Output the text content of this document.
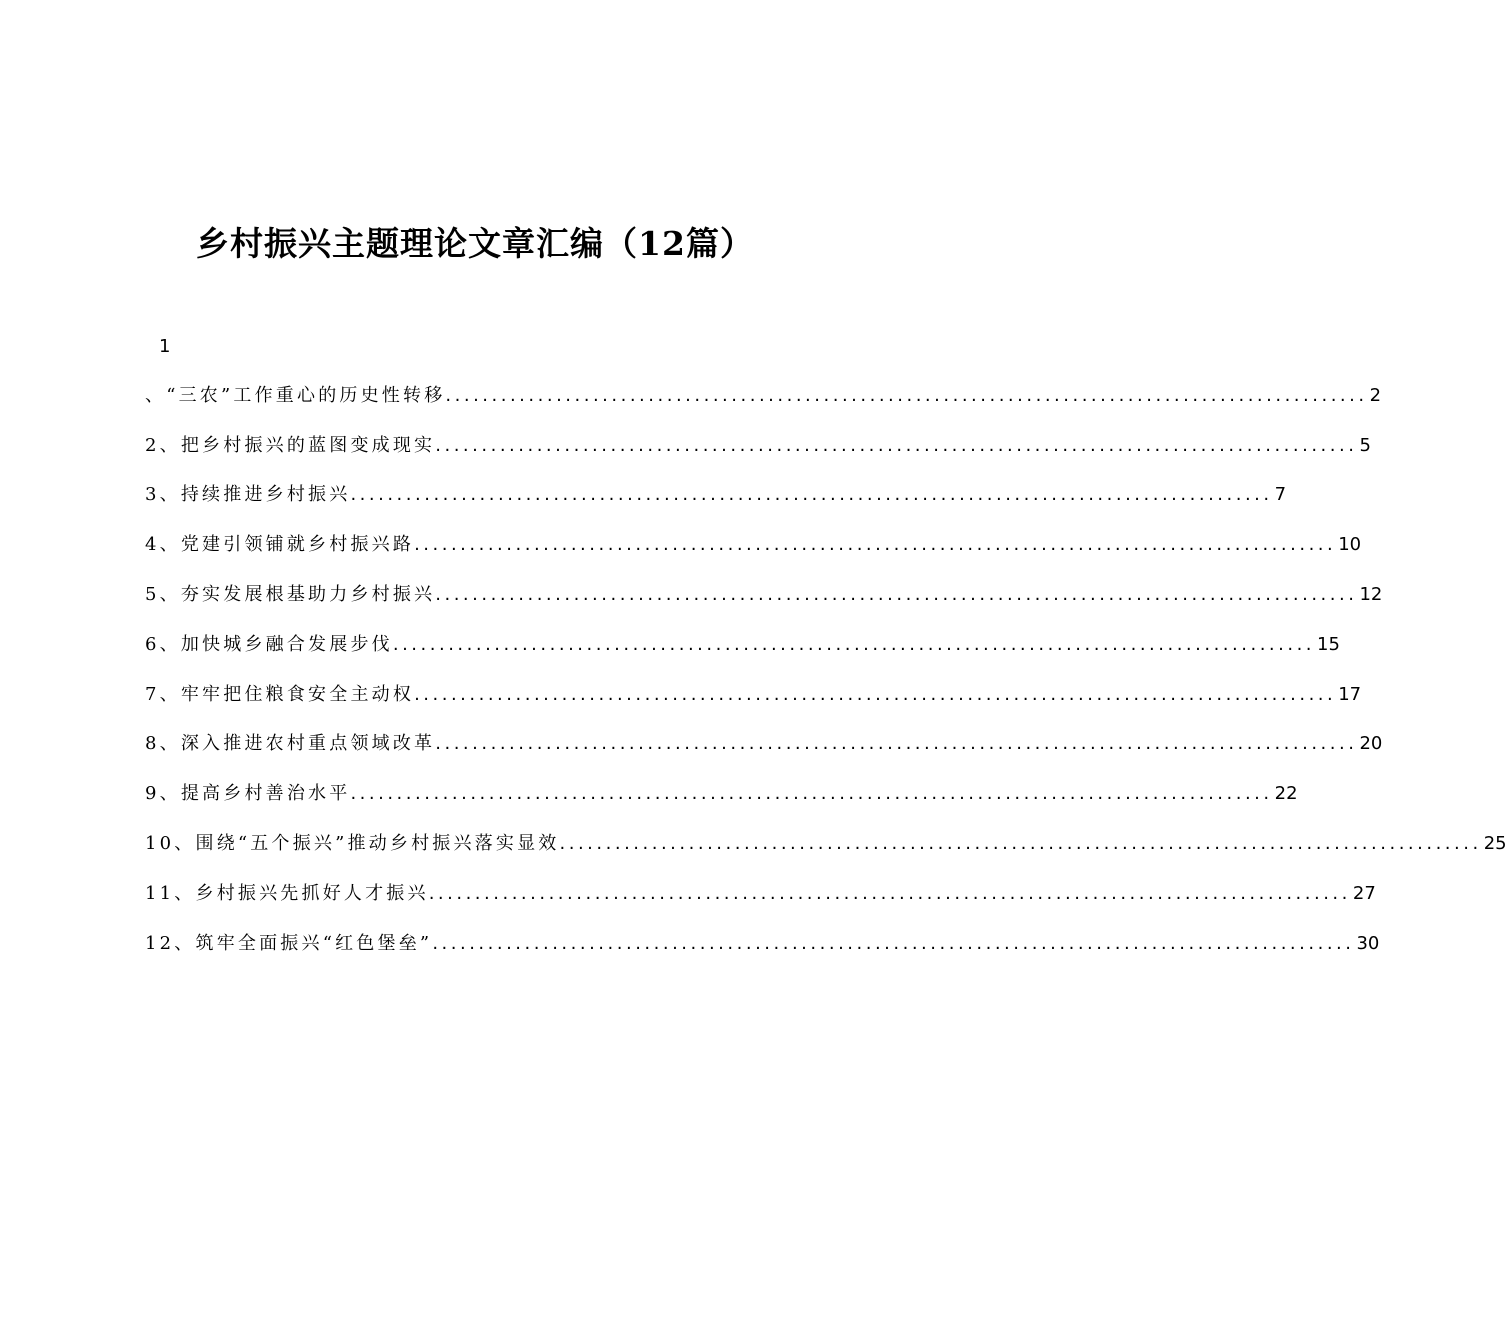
乡村振兴主题理论文章汇编（12篇）
1
、“三农”工作重心的历史性转移 .................................................................................................... 2
2、把乡村振兴的蓝图变成现实 .................................................................................................... 5
3、持续推进乡村振兴 .................................................................................................... 7
4、党建引领铺就乡村振兴路 .................................................................................................... 10
5、夯实发展根基助力乡村振兴 .................................................................................................... 12
6、加快城乡融合发展步伐 .................................................................................................... 15
7、牢牢把住粮食安全主动权 .................................................................................................... 17
8、深入推进农村重点领域改革 .................................................................................................... 20
9、提高乡村善治水平 .................................................................................................... 22
10、围绕“五个振兴”推动乡村振兴落实显效 .................................................................................................... 25
11、乡村振兴先抓好人才振兴 .................................................................................................... 27
12、筑牢全面振兴“红色堡垒” .................................................................................................... 30
